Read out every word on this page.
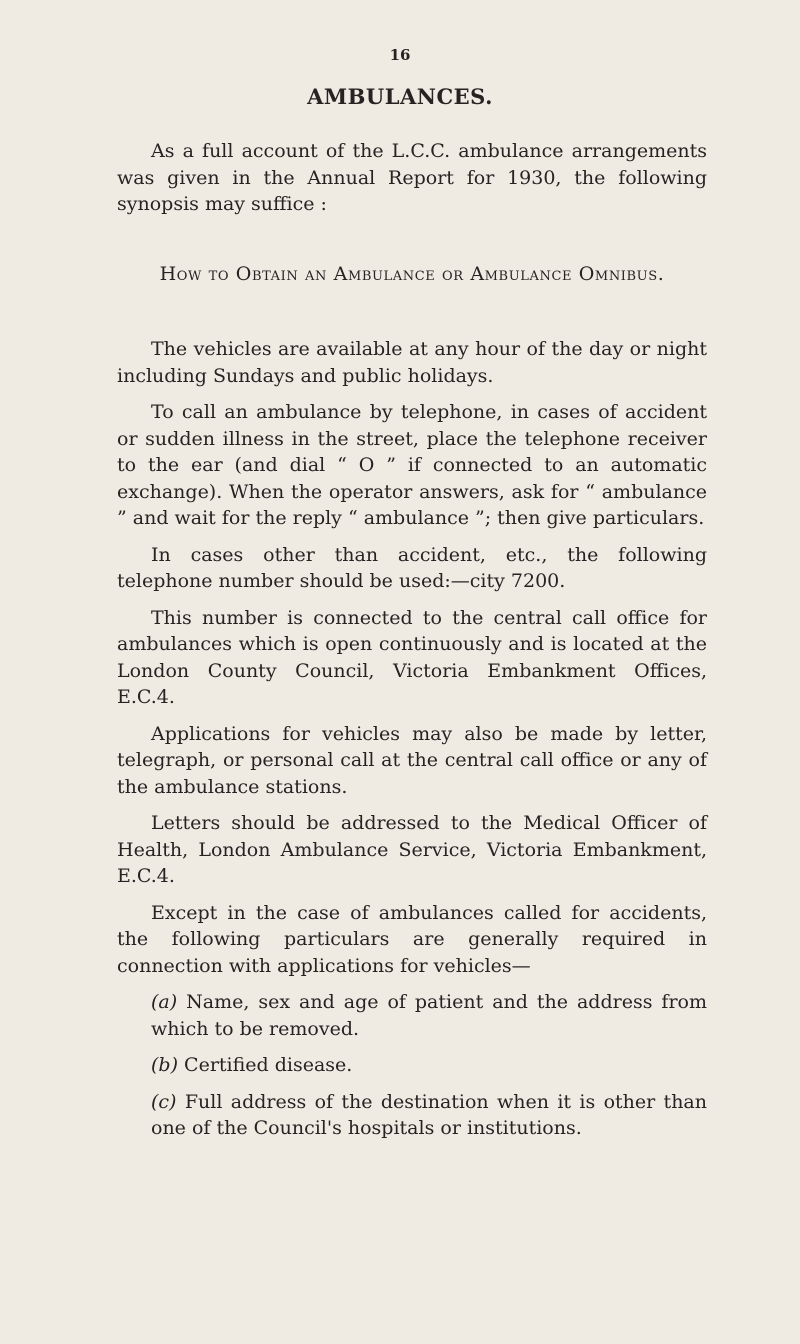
16
AMBULANCES.

As a full account of the L.C.C. ambulance arrangements was given in the Annual Report for 1930, the following synopsis may suffice :

How to Obtain an Ambulance or Ambulance Omnibus.

The vehicles are available at any hour of the day or night including Sundays and public holidays.

To call an ambulance by telephone, in cases of accident or sudden illness in the street, place the telephone receiver to the ear (and dial “ O ” if connected to an automatic exchange). When the operator answers, ask for “ ambulance ” and wait for the reply “ ambulance ”; then give particulars.

In cases other than accident, etc., the following telephone number should be used:—city 7200.

This number is connected to the central call office for ambulances which is open continuously and is located at the London County Council, Victoria Embankment Offices, E.C.4.

Applications for vehicles may also be made by letter, telegraph, or personal call at the central call office or any of the ambulance stations.

Letters should be addressed to the Medical Officer of Health, London Ambulance Service, Victoria Embankment, E.C.4.

Except in the case of ambulances called for accidents, the following particulars are generally required in connection with applications for vehicles—

(a) Name, sex and age of patient and the address from which to be removed.
(b) Certified disease.
(c) Full address of the destination when it is other than one of the Council's hospitals or institutions.
